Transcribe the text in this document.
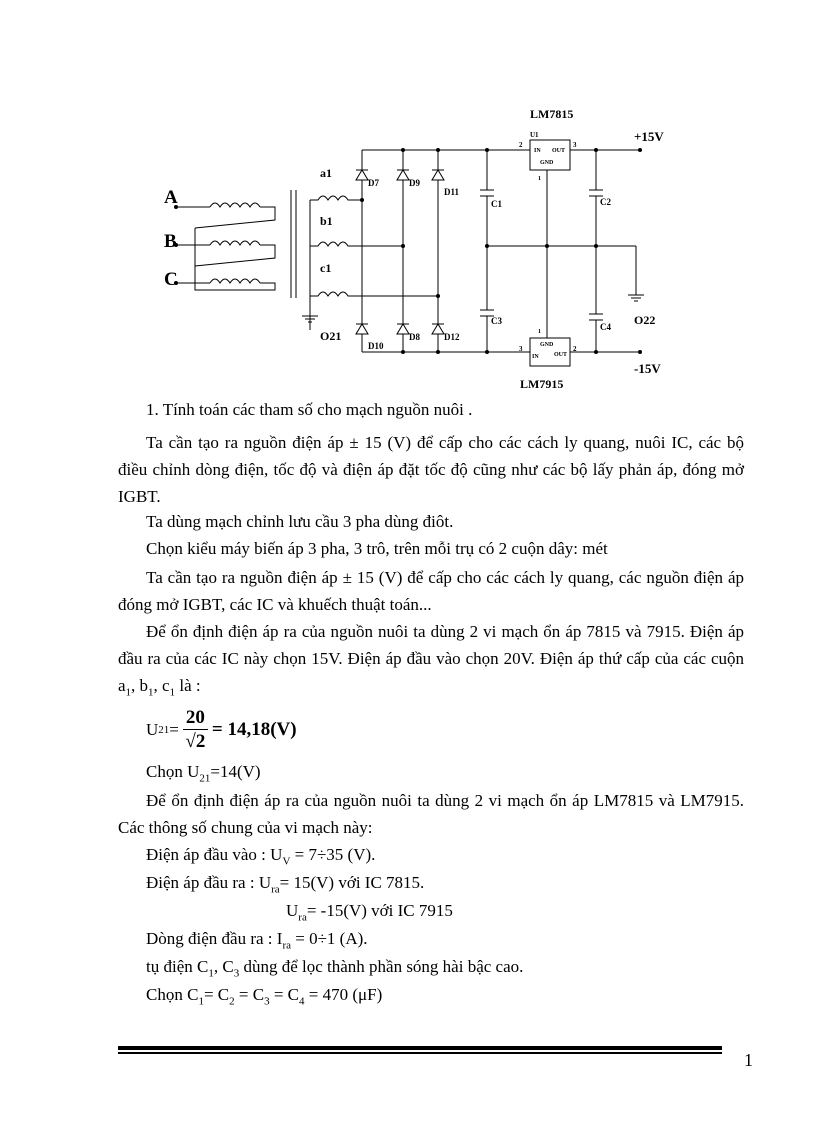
A
B
C
a1
b1
c1
D7	D9
D11
D10
D8	D12
C1	C2
C3
C4
LM7815
LM7915
U1
IN OUT
GND
GND
IN	OUT
2	3
1
1
3	2
+15V
-15V
O21
O22

1. Tính toán các tham số cho mạch nguồn nuôi .

Ta cần tạo ra nguồn điện áp ± 15 (V) để cấp cho các cách ly quang, nuôi IC, các bộ điều chỉnh dòng điện, tốc độ và điện áp đặt tốc độ cũng như các bộ lấy phản áp, đóng mở IGBT.

Ta dùng mạch chỉnh lưu cầu 3 pha dùng điôt.

Chọn kiểu máy biến áp 3 pha, 3 trô, trên mỗi trụ có 2 cuộn dây: mét

Ta cần tạo ra nguồn điện áp ± 15 (V) để cấp cho các cách ly quang, các nguồn điện áp đóng mở IGBT, các IC và khuếch thuật toán...

Để ổn định điện áp ra của nguồn nuôi ta dùng 2 vi mạch ổn áp 7815 và 7915. Điện áp đầu ra của các IC này chọn 15V. Điện áp đầu vào chọn 20V. Điện áp thứ cấp của các cuộn $a_1$, $b_1$, $c_1$ là :

U $21 = \frac{20}{√2} = 14,18(V)$

Chọn $U_{21}=14(V)$

Để ổn định điện áp ra của nguồn nuôi ta dùng 2 vi mạch ổn áp LM7815 và LM7915. Các thông số chung của vi mạch này:

Điện áp đầu vào : $U_V = 7\div 35$ (V).

Điện áp đầu ra : $U_{ra}= 15(V)$ với IC 7815.

$U_{ra}= -15(V)$ với IC 7915

Dòng điện đầu ra : $I_{ra} = 0\div 1$ (A).

tụ điện $C_1$, $C_3$ dùng để lọc thành phần sóng hài bậc cao.

Chọn $C_1= C_2 = C_3 = C_4 = 470$ (μF)

1
